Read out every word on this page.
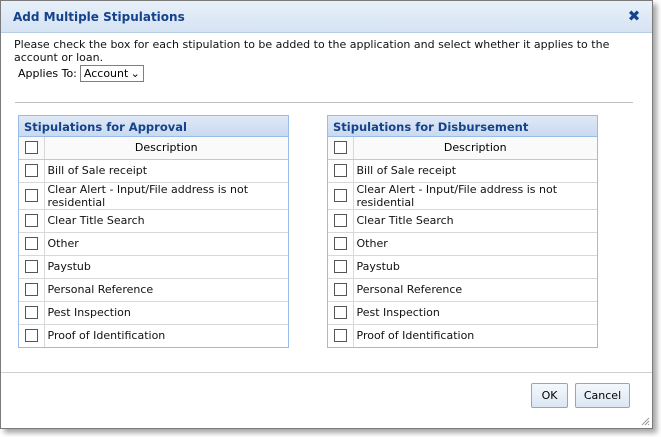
Add Multiple Stipulations	✖
Please check the box for each stipulation to be added to the application and select whether it applies to the account or loan.
Applies To: Account ⌄
Stipulations for Approval
	Description

	Bill of Sale receipt

	Clear Alert - Input/File address is not residential

	Clear Title Search

	Other

	Paystub

	Personal Reference

	Pest Inspection

	Proof of Identification
Stipulations for Disbursement
	Description

	Bill of Sale receipt

	Clear Alert - Input/File address is not residential

	Clear Title Search

	Other

	Paystub

	Personal Reference

	Pest Inspection

	Proof of Identification
OK	Cancel
